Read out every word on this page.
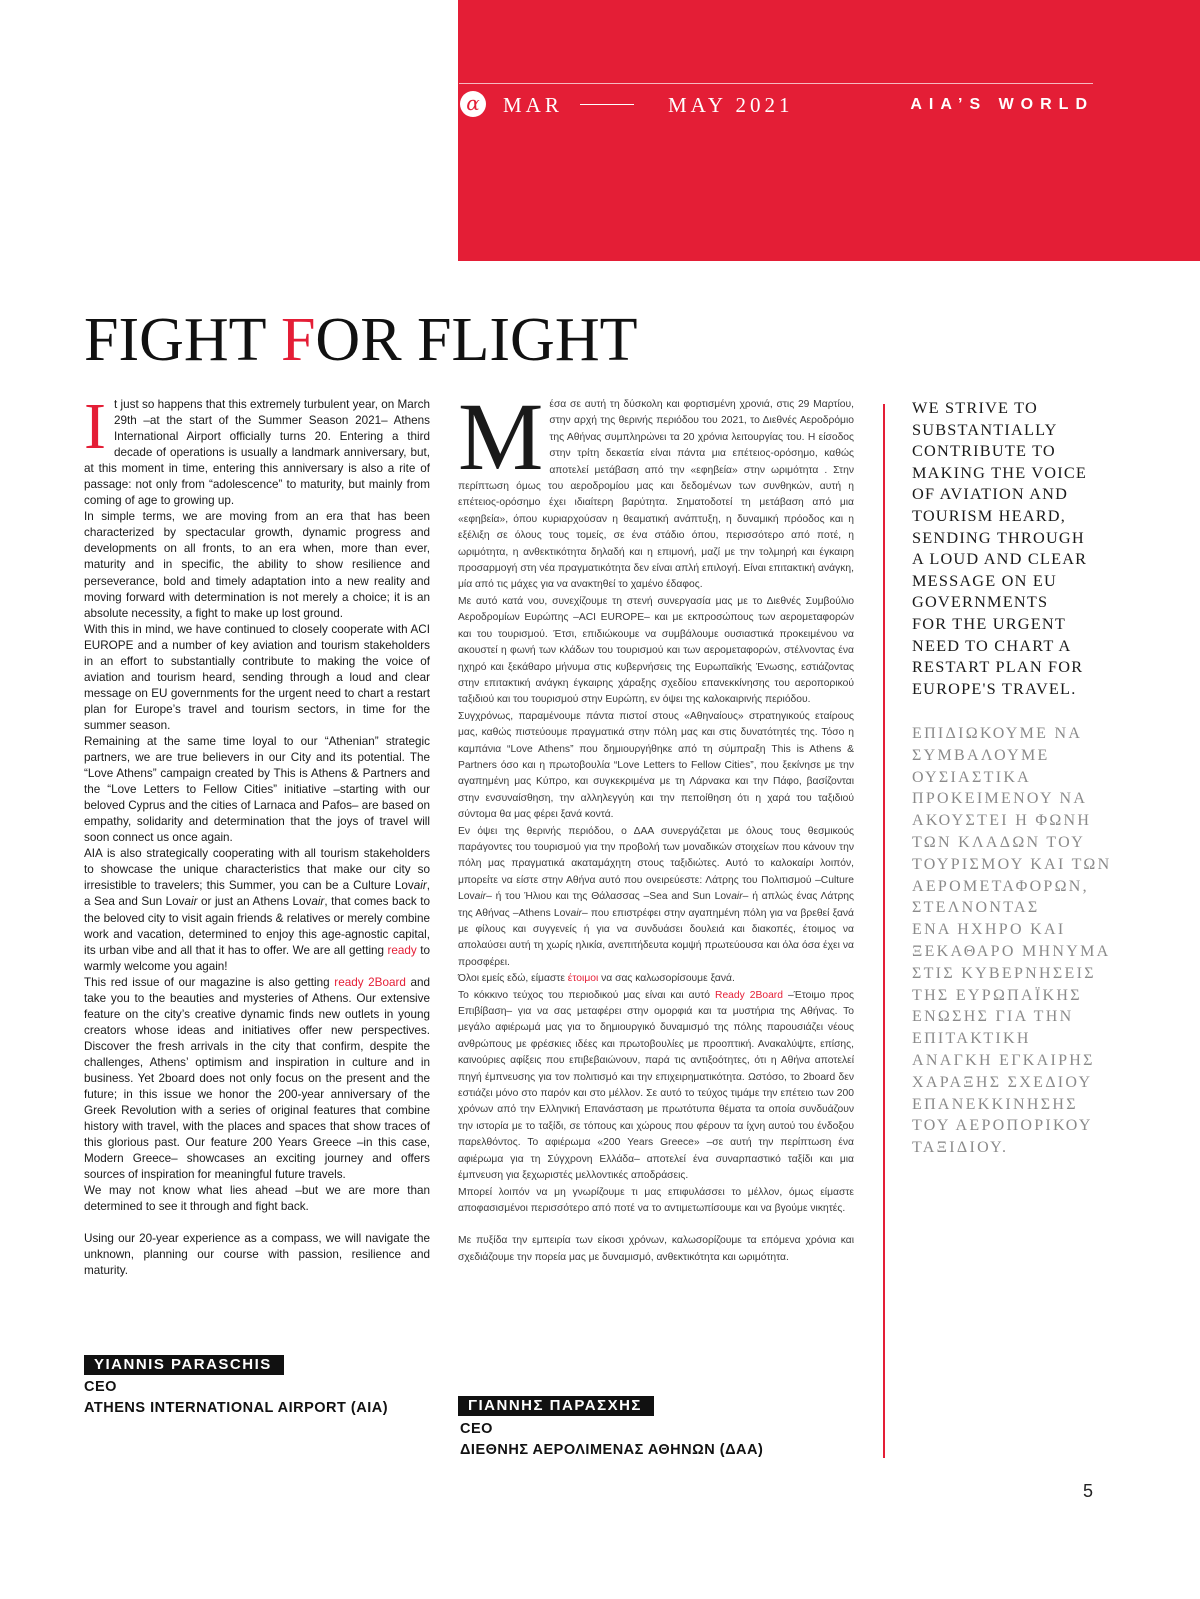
α MAR	MAY 2021	AIA’S WORLD
FIGHT FOR FLIGHT

It just so happens that this extremely turbulent year, on March 29th –at the start of the Summer Season 2021– Athens International Airport officially turns 20. Entering a third decade of operations is usually a landmark anniversary, but, at this moment in time, entering this anniversary is also a rite of passage: not only from “adolescence” to maturity, but mainly from coming of age to growing up.

In simple terms, we are moving from an era that has been characterized by spectacular growth, dynamic progress and developments on all fronts, to an era when, more than ever, maturity and in specific, the ability to show resilience and perseverance, bold and timely adaptation into a new reality and moving forward with determination is not merely a choice; it is an absolute necessity, a fight to make up lost ground.

With this in mind, we have continued to closely cooperate with ACI EUROPE and a number of key aviation and tourism stakeholders in an effort to substantially contribute to making the voice of aviation and tourism heard, sending through a loud and clear message on EU governments for the urgent need to chart a restart plan for Europe’s travel and tourism sectors, in time for the summer season.

Remaining at the same time loyal to our “Athenian” strategic partners, we are true believers in our City and its potential. The “Love Athens” campaign created by This is Athens & Partners and the “Love Letters to Fellow Cities” initiative –starting with our beloved Cyprus and the cities of Larnaca and Pafos– are based on empathy, solidarity and determination that the joys of travel will soon connect us once again.

AIA is also strategically cooperating with all tourism stakeholders to showcase the unique characteristics that make our city so irresistible to travelers; this Summer, you can be a Culture Lovair, a Sea and Sun Lovair or just an Athens Lovair, that comes back to the beloved city to visit again friends & relatives or merely combine work and vacation, determined to enjoy this age-agnostic capital, its urban vibe and all that it has to offer. We are all getting ready to warmly welcome you again!

This red issue of our magazine is also getting ready 2Board and take you to the beauties and mysteries of Athens. Our extensive feature on the city’s creative dynamic finds new outlets in young creators whose ideas and initiatives offer new perspectives. Discover the fresh arrivals in the city that confirm, despite the challenges, Athens’ optimism and inspiration in culture and in business. Yet 2board does not only focus on the present and the future; in this issue we honor the 200-year anniversary of the Greek Revolution with a series of original features that combine history with travel, with the places and spaces that show traces of this glorious past. Our feature 200 Years Greece –in this case, Modern Greece– showcases an exciting journey and offers sources of inspiration for meaningful future travels.

We may not know what lies ahead –but we are more than determined to see it through and fight back.

Using our 20-year experience as a compass, we will navigate the unknown, planning our course with passion, resilience and maturity.

YIANNIS PARASCHIS
CEO
ATHENS INTERNATIONAL AIRPORT (AIA)

Μέσα σε αυτή τη δύσκολη και φορτισμένη χρονιά, στις 29 Μαρτίου, στην αρχή της θερινής περιόδου του 2021, το Διεθνές Αεροδρόμιο της Αθήνας συμπληρώνει τα 20 χρόνια λειτουργίας του. Η είσοδος στην τρίτη δεκαετία είναι πάντα μια επέτειος-ορόσημο, καθώς αποτελεί μετάβαση από την «εφηβεία» στην ωριμότητα . Στην περίπτωση όμως του αεροδρομίου μας και δεδομένων των συνθηκών, αυτή η επέτειος-ορόσημο έχει ιδιαίτερη βαρύτητα. Σηματοδοτεί τη μετάβαση από μια «εφηβεία», όπου κυριαρχούσαν η θεαματική ανάπτυξη, η δυναμική πρόοδος και η εξέλιξη σε όλους τους τομείς, σε ένα στάδιο όπου, περισσότερο από ποτέ, η ωριμότητα, η ανθεκτικότητα δηλαδή και η επιμονή, μαζί με την τολμηρή και έγκαιρη προσαρμογή στη νέα πραγματικότητα δεν είναι απλή επιλογή. Είναι επιτακτική ανάγκη, μία από τις μάχες για να ανακτηθεί το χαμένο έδαφος.

Με αυτό κατά νου, συνεχίζουμε τη στενή συνεργασία μας με το Διεθνές Συμβούλιο Αεροδρομίων Ευρώπης –ACI EUROPE– και με εκπροσώπους των αερομεταφορών και του τουρισμού. Έτσι, επιδιώκουμε να συμβάλουμε ουσιαστικά προκειμένου να ακουστεί η φωνή των κλάδων του τουρισμού και των αερομεταφορών, στέλνοντας ένα ηχηρό και ξεκάθαρο μήνυμα στις κυβερνήσεις της Ευρωπαϊκής Ένωσης, εστιάζοντας στην επιτακτική ανάγκη έγκαιρης χάραξης σχεδίου επανεκκίνησης του αεροπορικού ταξιδιού και του τουρισμού στην Ευρώπη, εν όψει της καλοκαιρινής περιόδου.

Συγχρόνως, παραμένουμε πάντα πιστοί στους «Αθηναίους» στρατηγικούς εταίρους μας, καθώς πιστεύουμε πραγματικά στην πόλη μας και στις δυνατότητές της. Τόσο η καμπάνια “Love Athens” που δημιουργήθηκε από τη σύμπραξη This is Athens & Partners όσο και η πρωτοβουλία “Love Letters to Fellow Cities”, που ξεκίνησε με την αγαπημένη μας Κύπρο, και συγκεκριμένα με τη Λάρνακα και την Πάφο, βασίζονται στην ενσυναίσθηση, την αλληλεγγύη και την πεποίθηση ότι η χαρά του ταξιδιού σύντομα θα μας φέρει ξανά κοντά.

Εν όψει της θερινής περιόδου, ο ΔΑΑ συνεργάζεται με όλους τους θεσμικούς παράγοντες του τουρισμού για την προβολή των μοναδικών στοιχείων που κάνουν την πόλη μας πραγματικά ακαταμάχητη στους ταξιδιώτες. Αυτό το καλοκαίρι λοιπόν, μπορείτε να είστε στην Αθήνα αυτό που ονειρεύεστε: Λάτρης του Πολιτισμού –Culture Lovair– ή του Ήλιου και της Θάλασσας –Sea and Sun Lovair– ή απλώς ένας Λάτρης της Αθήνας –Athens Lovair– που επιστρέφει στην αγαπημένη πόλη για να βρεθεί ξανά με φίλους και συγγενείς ή για να συνδυάσει δουλειά και διακοπές, έτοιμος να απολαύσει αυτή τη χωρίς ηλικία, ανεπιτήδευτα κομψή πρωτεύουσα και όλα όσα έχει να προσφέρει.

Όλοι εμείς εδώ, είμαστε έτοιμοι να σας καλωσορίσουμε ξανά.

Το κόκκινο τεύχος του περιοδικού μας είναι και αυτό Ready 2Board –Έτοιμο προς Επιβίβαση– για να σας μεταφέρει στην ομορφιά και τα μυστήρια της Αθήνας. Το μεγάλο αφιέρωμά μας για το δημιουργικό δυναμισμό της πόλης παρουσιάζει νέους ανθρώπους με φρέσκιες ιδέες και πρωτοβουλίες με προοπτική. Ανακαλύψτε, επίσης, καινούριες αφίξεις που επιβεβαιώνουν, παρά τις αντιξοότητες, ότι η Αθήνα αποτελεί πηγή έμπνευσης για τον πολιτισμό και την επιχειρηματικότητα. Ωστόσο, το 2board δεν εστιάζει μόνο στο παρόν και στο μέλλον. Σε αυτό το τεύχος τιμάμε την επέτειο των 200 χρόνων από την Ελληνική Επανάσταση με πρωτότυπα θέματα τα οποία συνδυάζουν την ιστορία με το ταξίδι, σε τόπους και χώρους που φέρουν τα ίχνη αυτού του ένδοξου παρελθόντος. Το αφιέρωμα «200 Years Greece» –σε αυτή την περίπτωση ένα αφιέρωμα για τη Σύγχρονη Ελλάδα– αποτελεί ένα συναρπαστικό ταξίδι και μια έμπνευση για ξεχωριστές μελλοντικές αποδράσεις.

Μπορεί λοιπόν να μη γνωρίζουμε τι μας επιφυλάσσει το μέλλον, όμως είμαστε αποφασισμένοι περισσότερο από ποτέ να το αντιμετωπίσουμε και να βγούμε νικητές.

Με πυξίδα την εμπειρία των είκοσι χρόνων, καλωσορίζουμε τα επόμενα χρόνια και σχεδιάζουμε την πορεία μας με δυναμισμό, ανθεκτικότητα και ωριμότητα.

ΓΙΑΝΝΗΣ ΠΑΡΑΣΧΗΣ
CEO
ΔΙΕΘΝΗΣ ΑΕΡΟΛΙΜΕΝΑΣ ΑΘΗΝΩΝ (ΔΑΑ)

WE STRIVE TO
SUBSTANTIALLY
CONTRIBUTE TO
MAKING THE VOICE
OF AVIATION AND
TOURISM HEARD,
SENDING THROUGH
A LOUD AND CLEAR
MESSAGE ON EU
GOVERNMENTS
FOR THE URGENT
NEED TO CHART A
RESTART PLAN FOR
EUROPE'S TRAVEL.

ΕΠΙΔΙΩΚΟΥΜΕ ΝΑ
ΣΥΜΒΑΛΟΥΜΕ
ΟΥΣΙΑΣΤΙΚΑ
ΠΡΟΚΕΙΜΕΝΟΥ ΝΑ
ΑΚΟΥΣΤΕΙ Η ΦΩΝΗ
ΤΩΝ ΚΛΑΔΩΝ ΤΟΥ
ΤΟΥΡΙΣΜΟΥ ΚΑΙ ΤΩΝ
ΑΕΡΟΜΕΤΑΦΟΡΩΝ,
ΣΤΕΛΝΟΝΤΑΣ
ΕΝΑ ΗΧΗΡΟ ΚΑΙ
ΞΕΚΑΘΑΡΟ ΜΗΝΥΜΑ
ΣΤΙΣ ΚΥΒΕΡΝΗΣΕΙΣ
ΤΗΣ ΕΥΡΩΠΑΪΚΗΣ
ΕΝΩΣΗΣ ΓΙΑ ΤΗΝ
ΕΠΙΤΑΚΤΙΚΗ
ΑΝΑΓΚΗ ΕΓΚΑΙΡΗΣ
ΧΑΡΑΞΗΣ ΣΧΕΔΙΟΥ
ΕΠΑΝΕΚΚΙΝΗΣΗΣ
ΤΟΥ ΑΕΡΟΠΟΡΙΚΟΥ
ΤΑΞΙΔΙΟΥ.

5
